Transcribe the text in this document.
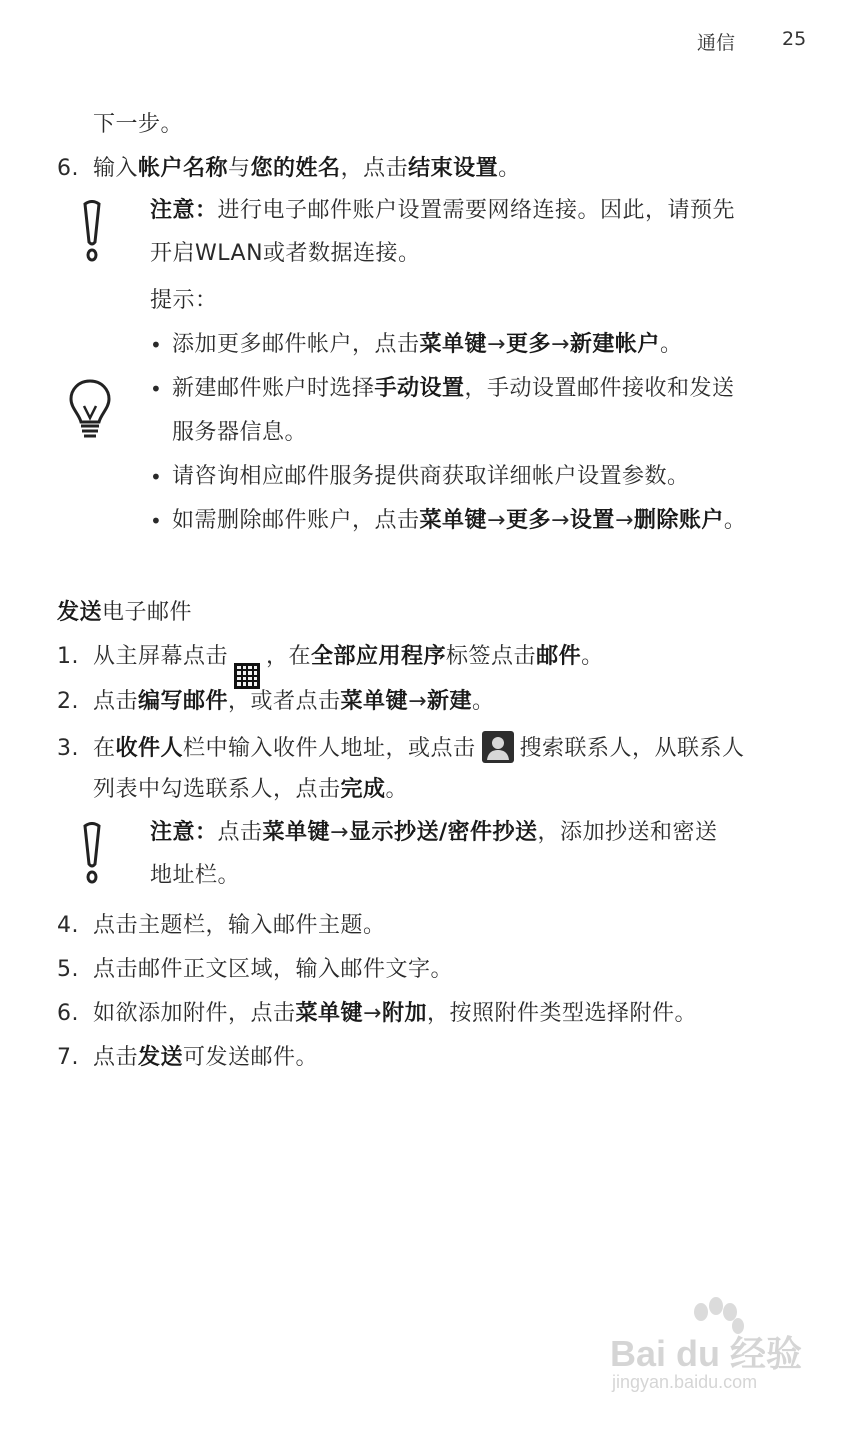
通信 25
下一步。
6. 输入帐户名称与您的姓名，点击结束设置。
注意：进行电子邮件账户设置需要网络连接。因此，请预先
开启WLAN或者数据连接。
提示：
• 添加更多邮件帐户，点击菜单键→更多→新建帐户。
• 新建邮件账户时选择手动设置，手动设置邮件接收和发送
服务器信息。
• 请咨询相应邮件服务提供商获取详细帐户设置参数。
• 如需删除邮件账户，点击菜单键→更多→设置→删除账户。
发送电子邮件
1. 从主屏幕点击 ，在全部应用程序标签点击邮件。
2. 点击编写邮件，或者点击菜单键→新建。
3. 在收件人栏中输入收件人地址，或点击 搜索联系人，从联系人
列表中勾选联系人，点击完成。
注意：点击菜单键→显示抄送/密件抄送，添加抄送和密送
地址栏。
4. 点击主题栏，输入邮件主题。
5. 点击邮件正文区域，输入邮件文字。
6. 如欲添加附件，点击菜单键→附加，按照附件类型选择附件。
7. 点击发送可发送邮件。
Bai du 经验
jingyan.baidu.com
